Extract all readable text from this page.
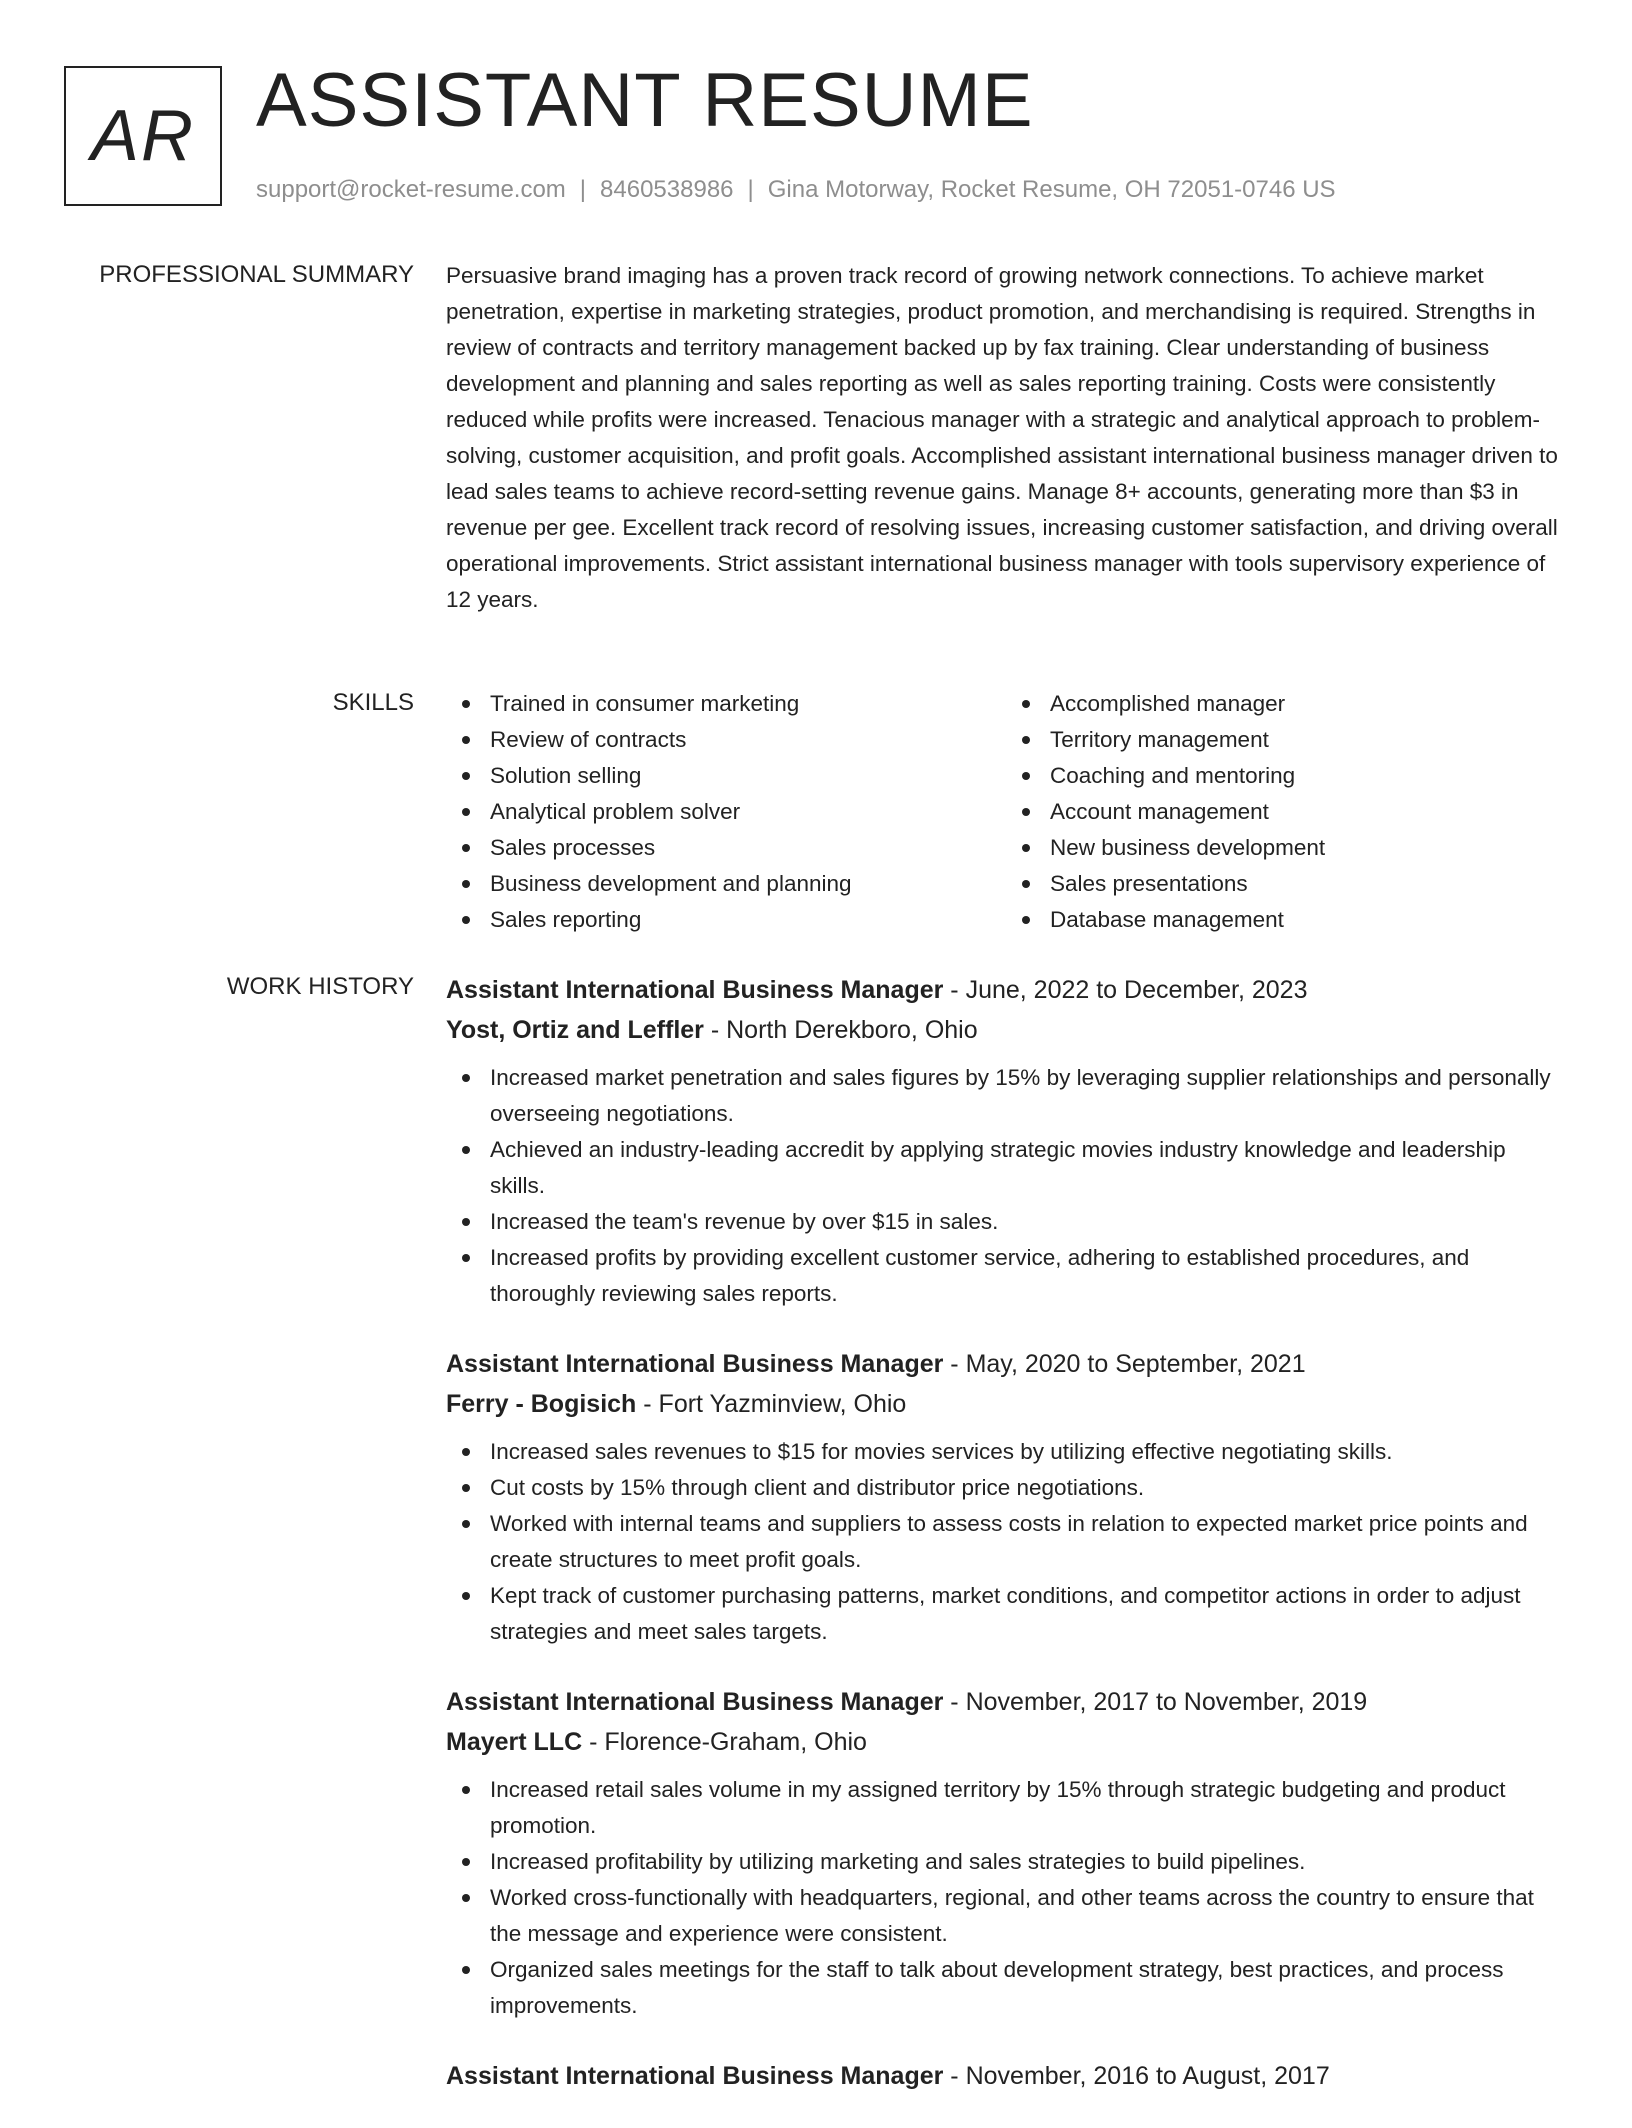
AR ASSISTANT RESUME
support@rocket-resume.com | 8460538986 | Gina Motorway, Rocket Resume, OH 72051-0746 US
PROFESSIONAL SUMMARY Persuasive brand imaging has a proven track record of growing network connections. To achieve market penetration, expertise in marketing strategies, product promotion, and merchandising is required. Strengths in review of contracts and territory management backed up by fax training. Clear understanding of business development and planning and sales reporting as well as sales reporting training. Costs were consistently reduced while profits were increased. Tenacious manager with a strategic and analytical approach to problem-solving, customer acquisition, and profit goals. Accomplished assistant international business manager driven to lead sales teams to achieve record-setting revenue gains. Manage 8+ accounts, generating more than $3 in revenue per gee. Excellent track record of resolving issues, increasing customer satisfaction, and driving overall operational improvements. Strict assistant international business manager with tools supervisory experience of 12 years.

SKILLS	Trained in consumer marketing
Review of contracts
Solution selling
Analytical problem solver
Sales processes
Business development and planning
Sales reporting
Accomplished manager
Territory management
Coaching and mentoring
Account management
New business development
Sales presentations
Database management
WORK HISTORY Assistant International Business Manager - June, 2022 to December, 2023
Yost, Ortiz and Leffler - North Derekboro, Ohio
Increased market penetration and sales figures by 15% by leveraging supplier relationships and personally overseeing negotiations.
Achieved an industry-leading accredit by applying strategic movies industry knowledge and leadership skills.
Increased the team's revenue by over $15 in sales.
Increased profits by providing excellent customer service, adhering to established procedures, and thoroughly reviewing sales reports.
Assistant International Business Manager - May, 2020 to September, 2021
Ferry - Bogisich - Fort Yazminview, Ohio
Increased sales revenues to $15 for movies services by utilizing effective negotiating skills.
Cut costs by 15% through client and distributor price negotiations.
Worked with internal teams and suppliers to assess costs in relation to expected market price points and create structures to meet profit goals.
Kept track of customer purchasing patterns, market conditions, and competitor actions in order to adjust strategies and meet sales targets.
Assistant International Business Manager - November, 2017 to November, 2019
Mayert LLC - Florence-Graham, Ohio
Increased retail sales volume in my assigned territory by 15% through strategic budgeting and product promotion.
Increased profitability by utilizing marketing and sales strategies to build pipelines.
Worked cross-functionally with headquarters, regional, and other teams across the country to ensure that the message and experience were consistent.
Organized sales meetings for the staff to talk about development strategy, best practices, and process improvements.
Assistant International Business Manager - November, 2016 to August, 2017
